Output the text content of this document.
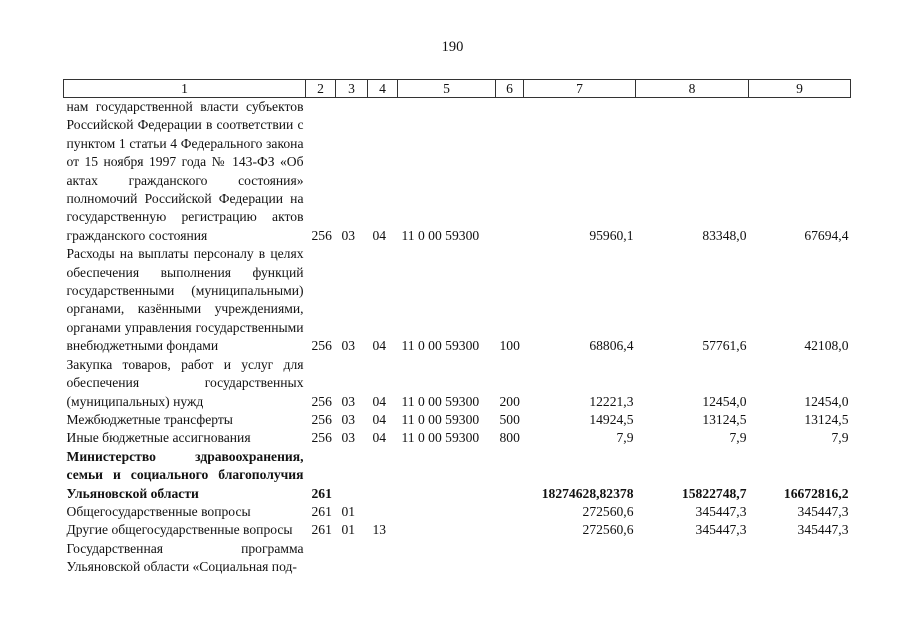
190
1	2	3	4	5	6	7	8	9
нам государственной власти субъектов Российской Федерации в соответствии с пунктом 1 статьи 4 Федерального закона от 15 ноября 1997 года № 143-ФЗ «Об актах гражданского состояния» полномочий Российской Федерации на государственную регистрацию актов гражданского состояния	256	03	04	11 0 00 59300		95960,1	83348,0	67694,4
Расходы на выплаты персоналу в целях обеспечения выполнения функций государственными (муниципальными) органами, казёнными учреждениями, органами управления государственными внебюджетными фондами	256	03	04	11 0 00 59300	100	68806,4	57761,6	42108,0
Закупка товаров, работ и услуг для обеспечения государственных (муниципальных) нужд	256	03	04	11 0 00 59300	200	12221,3	12454,0	12454,0
Межбюджетные трансферты	256	03	04	11 0 00 59300	500	14924,5	13124,5	13124,5
Иные бюджетные ассигнования	256	03	04	11 0 00 59300	800	7,9	7,9	7,9
Министерство здравоохранения, семьи и социального благополучия Ульяновской области	261					18274628,82378	15822748,7	16672816,2
Общегосударственные вопросы	261	01				272560,6	345447,3	345447,3
Другие общегосударственные вопросы	261	01	13			272560,6	345447,3	345447,3
Государственная программа Ульяновской области «Социальная под-								
